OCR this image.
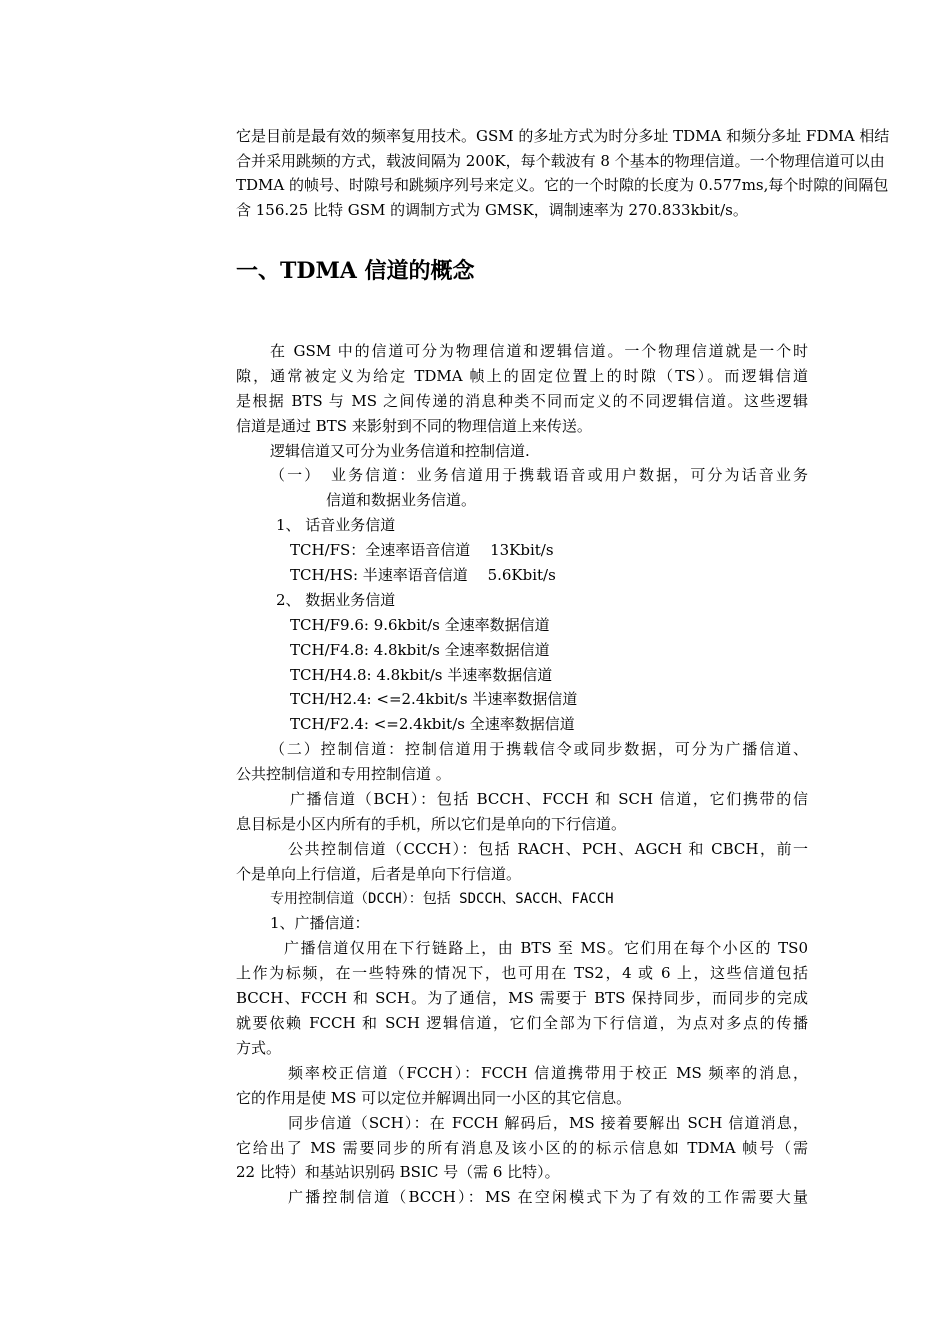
它是目前是最有效的频率复用技术。GSM 的多址方式为时分多址 TDMA 和频分多址 FDMA 相结
合并采用跳频的方式，载波间隔为 200K，每个载波有 8 个基本的物理信道。一个物理信道可以由
TDMA 的帧号、时隙号和跳频序列号来定义。它的一个时隙的长度为 0.577ms,每个时隙的间隔包
含 156.25 比特 GSM 的调制方式为 GMSK，调制速率为 270.833kbit/s。
一、TDMA 信道的概念
在 GSM 中的信道可分为物理信道和逻辑信道。一个物理信道就是一个时
隙，通常被定义为给定 TDMA 帧上的固定位置上的时隙（TS）。而逻辑信道
是根据 BTS 与 MS 之间传递的消息种类不同而定义的不同逻辑信道。这些逻辑
信道是通过 BTS 来影射到不同的物理信道上来传送。
逻辑信道又可分为业务信道和控制信道.
（一）　业务信道：业务信道用于携载语音或用户数据，可分为话音业务
信道和数据业务信道。
1、 话音业务信道
TCH/FS：全速率语音信道　 13Kbit/s
TCH/HS: 半速率语音信道　 5.6Kbit/s
2、 数据业务信道
TCH/F9.6: 9.6kbit/s 全速率数据信道
TCH/F4.8: 4.8kbit/s 全速率数据信道
TCH/H4.8: 4.8kbit/s 半速率数据信道
TCH/H2.4: <=2.4kbit/s 半速率数据信道
TCH/F2.4: <=2.4kbit/s 全速率数据信道
（二）控制信道：控制信道用于携载信令或同步数据，可分为广播信道、
公共控制信道和专用控制信道 。
广播信道（BCH）：包括 BCCH、FCCH 和 SCH 信道，它们携带的信
息目标是小区内所有的手机，所以它们是单向的下行信道。
公共控制信道（CCCH）：包括 RACH、PCH、AGCH 和 CBCH，前一
个是单向上行信道，后者是单向下行信道。
专用控制信道（DCCH）：包括 SDCCH、SACCH、FACCH
1、广播信道：
广播信道仅用在下行链路上，由 BTS 至 MS。它们用在每个小区的 TS0
上作为标频，在一些特殊的情况下，也可用在 TS2，4 或 6 上，这些信道包括
BCCH、FCCH 和 SCH。为了通信，MS 需要于 BTS 保持同步，而同步的完成
就要依赖 FCCH 和 SCH 逻辑信道，它们全部为下行信道，为点对多点的传播
方式。
频率校正信道（FCCH）：FCCH 信道携带用于校正 MS 频率的消息，
它的作用是使 MS 可以定位并解调出同一小区的其它信息。
同步信道（SCH）：在 FCCH 解码后，MS 接着要解出 SCH 信道消息，
它给出了 MS 需要同步的所有消息及该小区的的标示信息如 TDMA 帧号（需
22 比特）和基站识别码 BSIC 号（需 6 比特）。
广播控制信道（BCCH）：MS 在空闲模式下为了有效的工作需要大量
